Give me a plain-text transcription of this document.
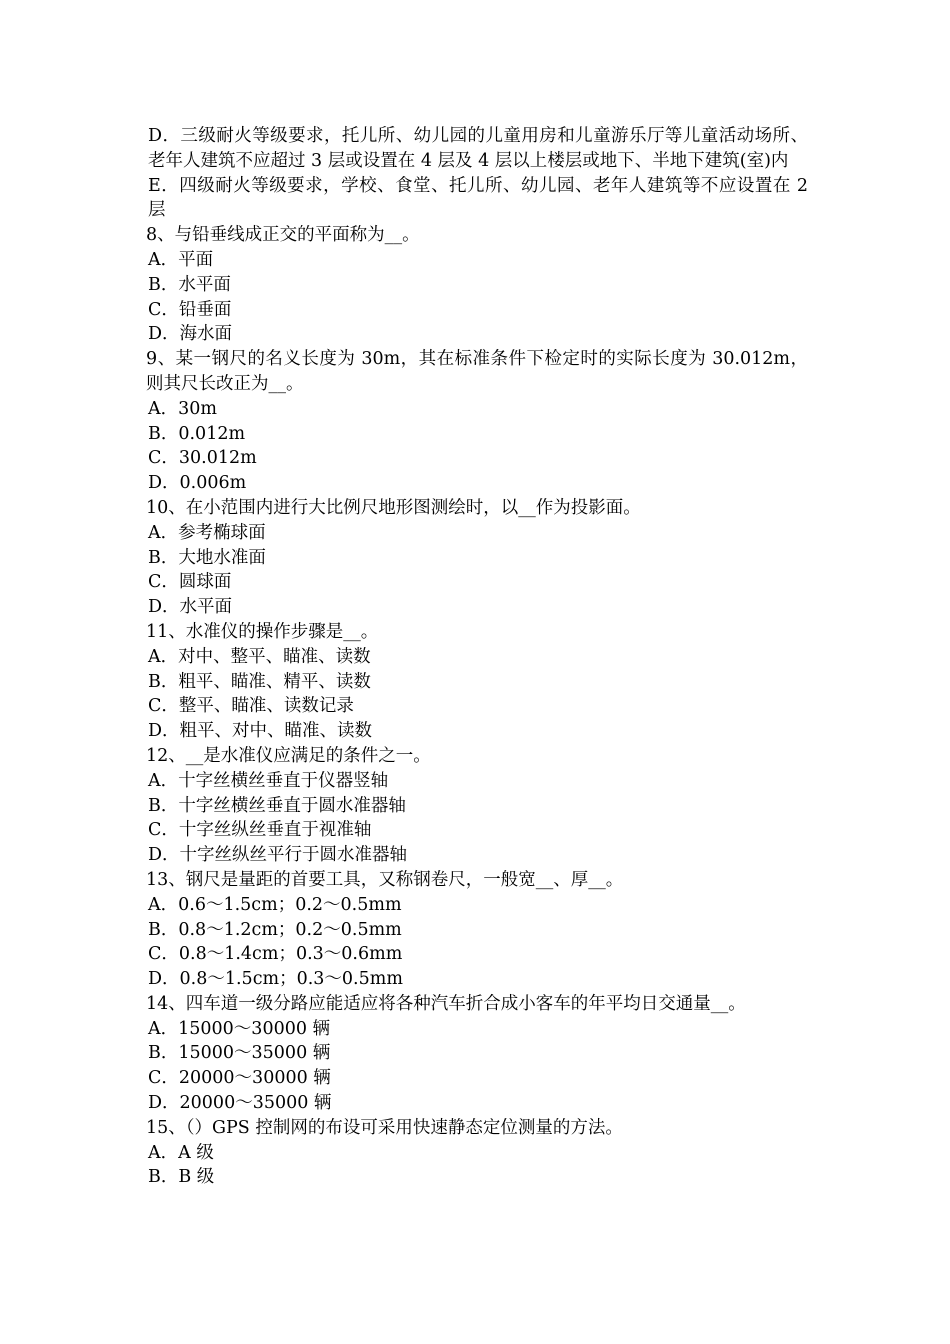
D．三级耐火等级要求，托儿所、幼儿园的儿童用房和儿童游乐厅等儿童活动场所、老年人建筑不应超过 3 层或设置在 4 层及 4 层以上楼层或地下、半地下建筑(室)内
E．四级耐火等级要求，学校、食堂、托儿所、幼儿园、老年人建筑等不应设置在 2 层
8、与铅垂线成正交的平面称为__。
A．平面
B．水平面
C．铅垂面
D．海水面
9、某一钢尺的名义长度为 30m，其在标准条件下检定时的实际长度为 30.012m，则其尺长改正为__。
A．30m
B．0.012m
C．30.012m
D．0.006m
10、在小范围内进行大比例尺地形图测绘时，以__作为投影面。
A．参考椭球面
B．大地水准面
C．圆球面
D．水平面
11、水准仪的操作步骤是__。
A．对中、整平、瞄准、读数
B．粗平、瞄准、精平、读数
C．整平、瞄准、读数记录
D．粗平、对中、瞄准、读数
12、__是水准仪应满足的条件之一。
A．十字丝横丝垂直于仪器竖轴
B．十字丝横丝垂直于圆水准器轴
C．十字丝纵丝垂直于视准轴
D．十字丝纵丝平行于圆水准器轴
13、钢尺是量距的首要工具，又称钢卷尺，一般宽__、厚__。
A．0.6～1.5cm；0.2～0.5mm
B．0.8～1.2cm；0.2～0.5mm
C．0.8～1.4cm；0.3～0.6mm
D．0.8～1.5cm；0.3～0.5mm
14、四车道一级分路应能适应将各种汽车折合成小客车的年平均日交通量__。
A．15000～30000 辆
B．15000～35000 辆
C．20000～30000 辆
D．20000～35000 辆
15、（）GPS 控制网的布设可采用快速静态定位测量的方法。
A．A 级
B．B 级
